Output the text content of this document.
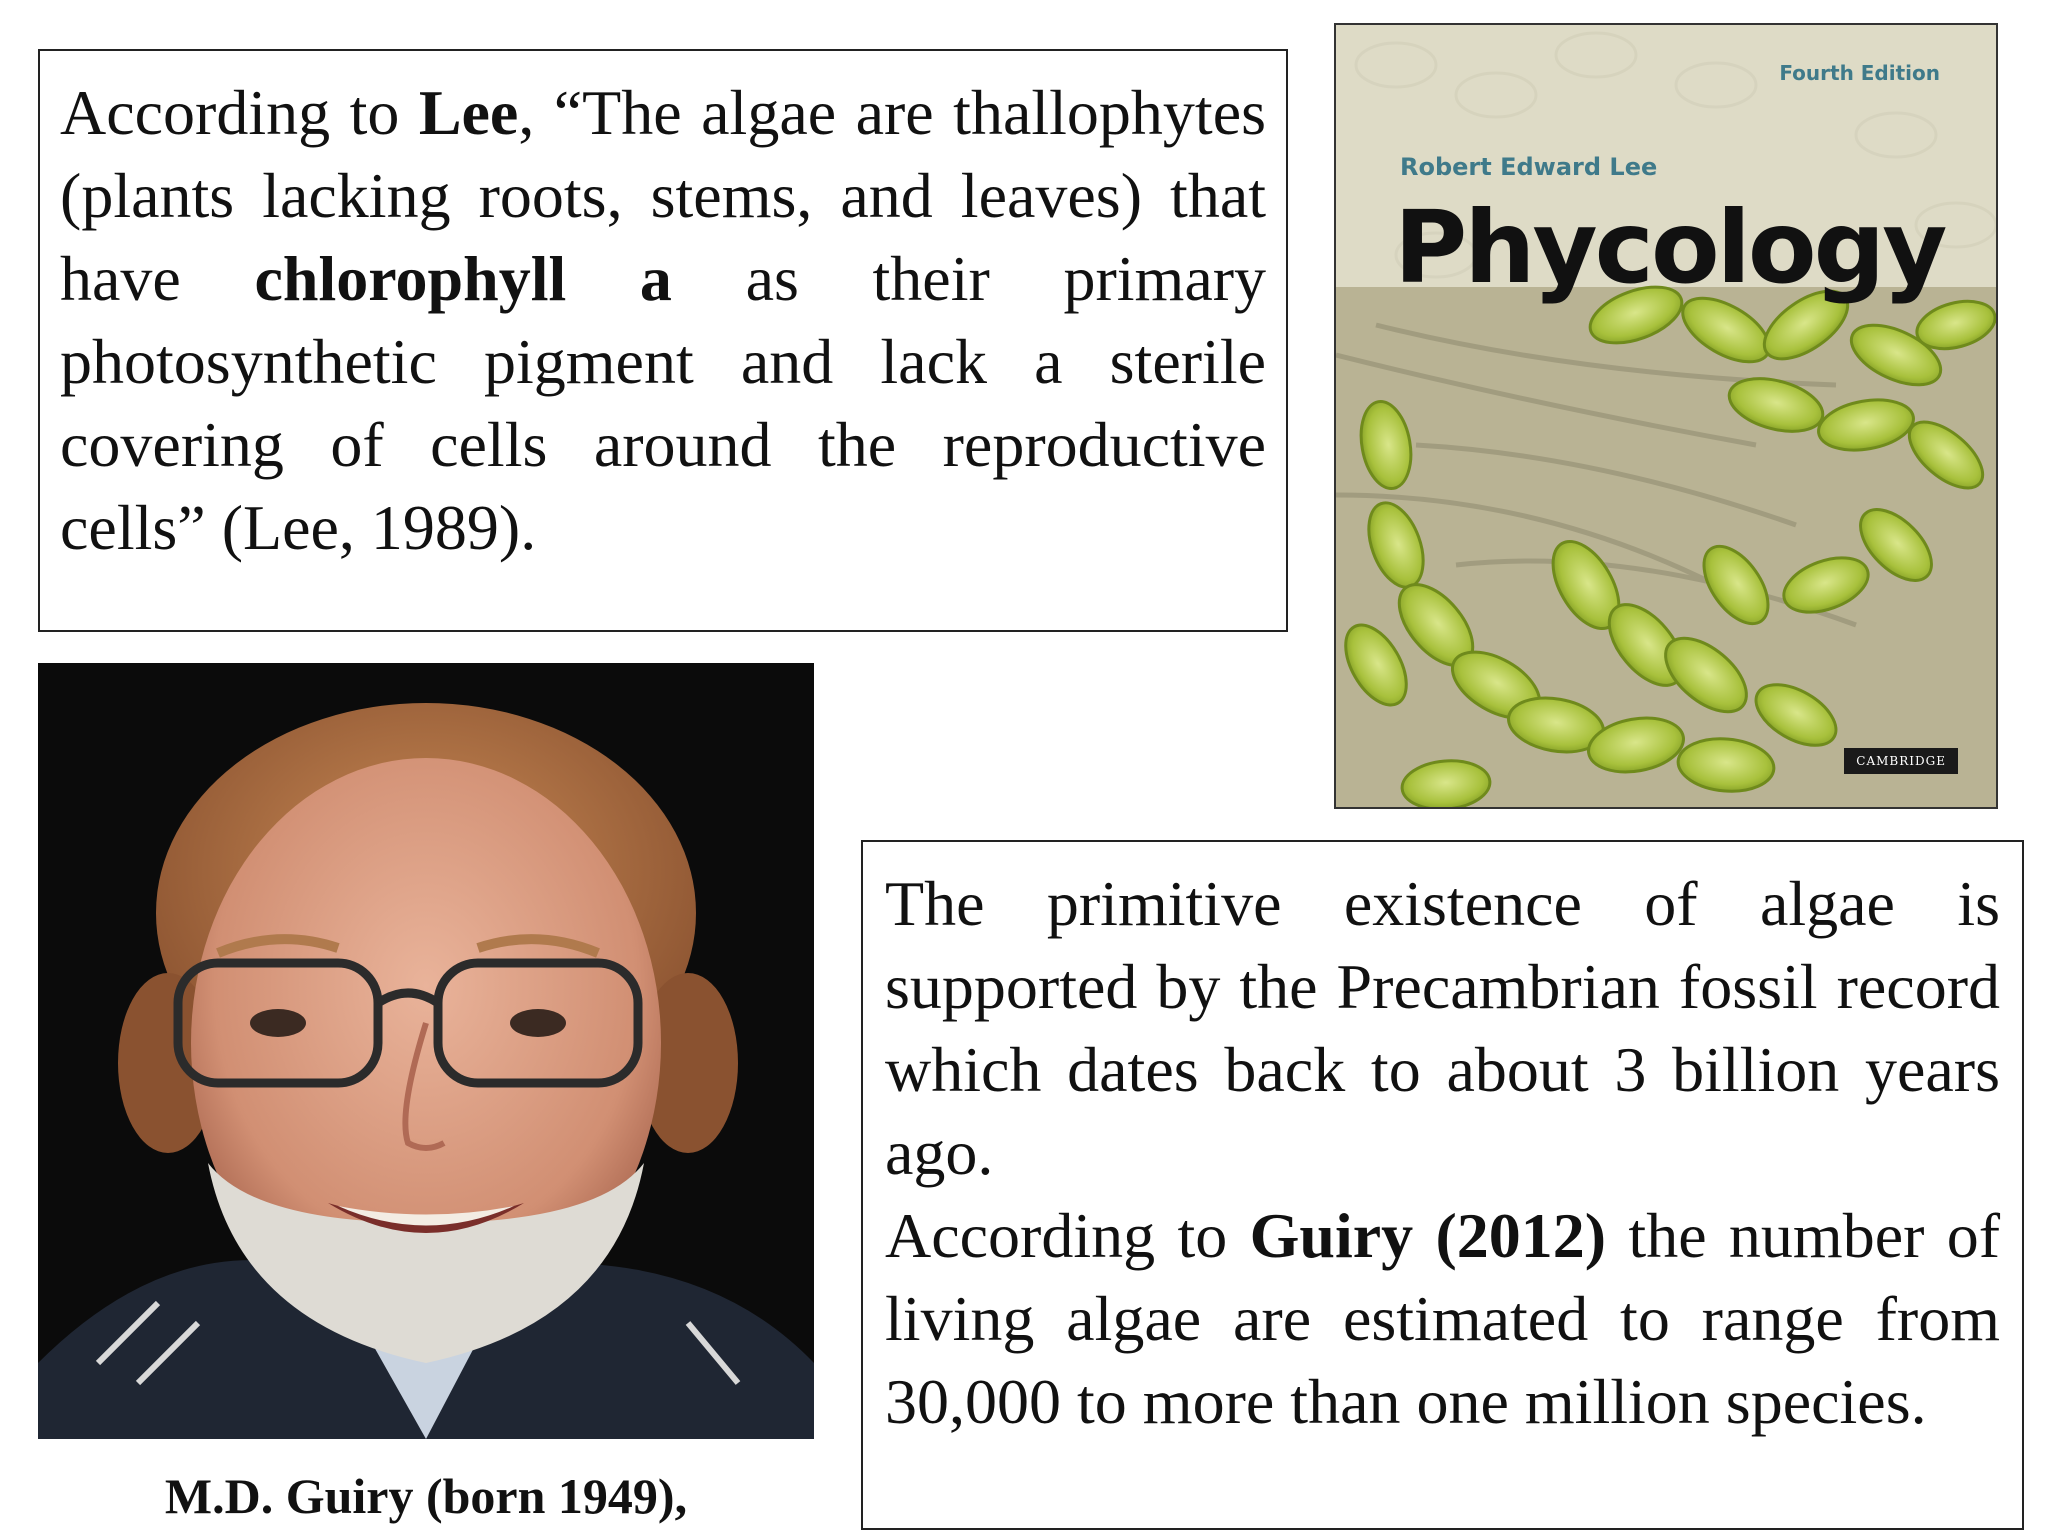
According to Lee, “The algae are thallophytes (plants lacking roots, stems, and leaves) that have chlorophyll a as their primary photosynthetic pigment and lack a sterile covering of cells around the reproductive cells” (Lee, 1989).

Fourth Edition
Robert Edward Lee
Phycology
CAMBRIDGE
M.D. Guiry (born 1949),

The primitive existence of algae is supported by the Precambrian fossil record which dates back to about 3 billion years ago.

According to Guiry (2012) the number of living algae are estimated to range from 30,000 to more than one million species.
